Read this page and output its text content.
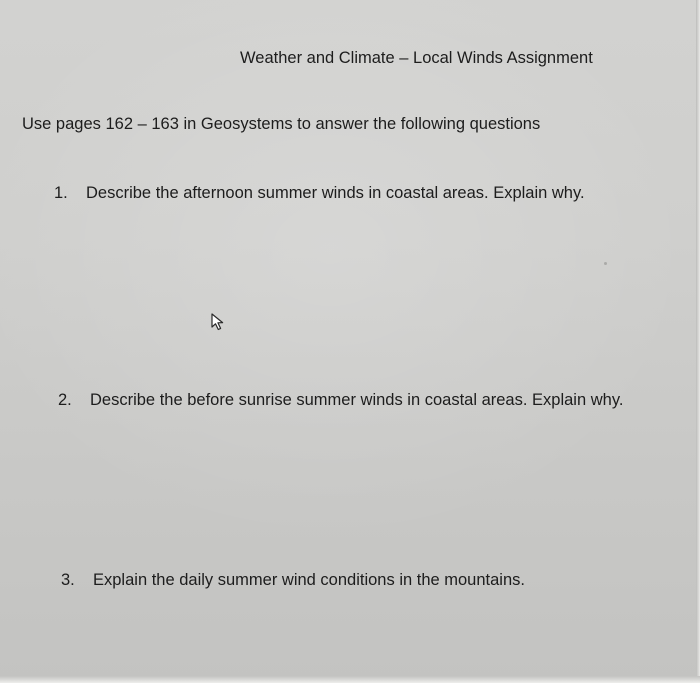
Weather and Climate – Local Winds Assignment
Use pages 162 – 163 in Geosystems to answer the following questions
1. Describe the afternoon summer winds in coastal areas. Explain why.
2. Describe the before sunrise summer winds in coastal areas. Explain why.
3. Explain the daily summer wind conditions in the mountains.
